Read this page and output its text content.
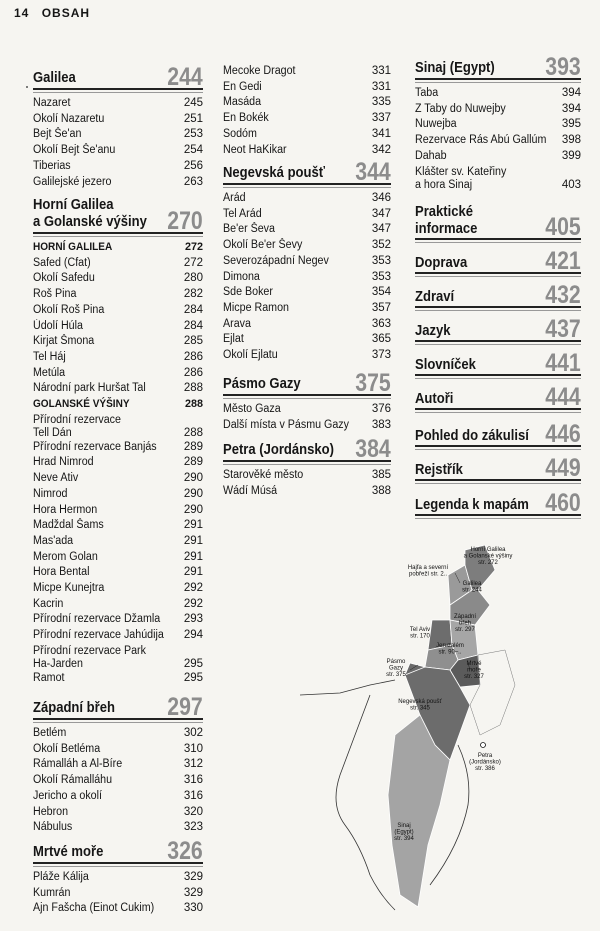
14 OBSAH
Galilea	244
Nazaret	245
Okolí Nazaretu	251
Bejt Še'an	253
Okolí Bejt Še'anu	254
Tiberias	256
Galilejské jezero	263
Horní Galilea
a Golanské výšiny 270
HORNÍ GALILEA	272
Safed (Cfat)	272
Okolí Safedu	280
Roš Pina	282
Okolí Roš Pina	284
Údolí Húla	284
Kirjat Šmona	285
Tel Háj	286
Metúla	286
Národní park Huršat Tal	288
GOLANSKÉ VÝŠINY	288
Přírodní rezervace
Tell Dán	288
Přírodní rezervace Banjás 289
Hrad Nimrod	289
Neve Ativ	290
Nimrod	290
Hora Hermon	290
Madždal Šams	291
Mas'ada	291
Merom Golan	291
Hora Bental	291
Micpe Kunejtra	292
Kacrin	292
Přírodní rezervace Džamla 293
Přírodní rezervace Jahúdija 294
Přírodní rezervace Park
Ha-Jarden	295
Ramot	295
Západní břeh	297
Betlém	302
Okolí Betléma	310
Rámalláh a Al-Bíre	312
Okolí Rámalláhu	316
Jericho a okolí	316
Hebron	320
Nábulus	323
Mrtvé moře	326
Pláže Kálija	329
Kumrán	329
Ajn Fašcha (Einot Cukim)	330
Mecoke Dragot	331
En Gedi	331
Masáda	335
En Bokék	337
Sodóm	341
Neot HaKikar	342
Negevská poušť	344
Arád	346
Tel Arád	347
Be'er Ševa	347
Okolí Be'er Ševy	352
Severozápadní Negev	353
Dimona	353
Sde Boker	354
Micpe Ramon	357
Arava	363
Ejlat	365
Okolí Ejlatu	373
Pásmo Gazy	375
Město Gaza	376
Další místa v Pásmu Gazy 383
Petra (Jordánsko) 384
Starověké město	385
Wádí Músá	388
Sinaj (Egypt)	393
Taba	394
Z Taby do Nuwejby	394
Nuwejba	395
Rezervace Rás Abú Gallúm 398
Dahab	399
Klášter sv. Kateřiny
a hora Sinaj	403
Praktické
informace	405
Doprava	421
Zdraví	432
Jazyk	437
Slovníček	441
Autoři	444
Pohled do zákulisí 446
Rejstřík	449
Legenda k mapám 460
Horní Galilea a Golanské výšiny str. 272
Hajfa a severní pobřeží str. 2..
Galilea str. 244
Tel Aviv str. 170
Západní břeh str. 297
Jeruzalém str. 90–..
Pásmo Gazy str. 375
Mrtvé moře str. 327
Negevská poušť str. 345
Petra (Jordánsko) str. 386
Sinaj (Egypt) str. 394
